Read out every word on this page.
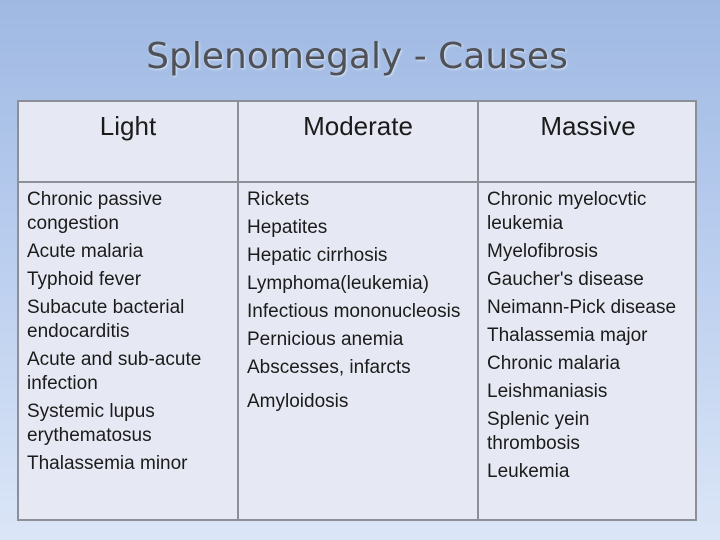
Splenomegaly - Causes
Light	Moderate	Massive
Chronic passive
congestion
Acute malaria
Typhoid fever
Subacute bacterial
endocarditis
Acute and sub-acute
infection
Systemic lupus
erythematosus
Thalassemia minor
Rickets
Hepatites
Hepatic cirrhosis
Lymphoma(leukemia)
Infectious mononucleosis
Pernicious anemia
Abscesses, infarcts
Amyloidosis
Chronic myelocvtic
leukemia
Myelofibrosis
Gaucher's disease
Neimann-Pick disease
Thalassemia major
Chronic malaria
Leishmaniasis
Splenic yein
thrombosis
Leukemia
